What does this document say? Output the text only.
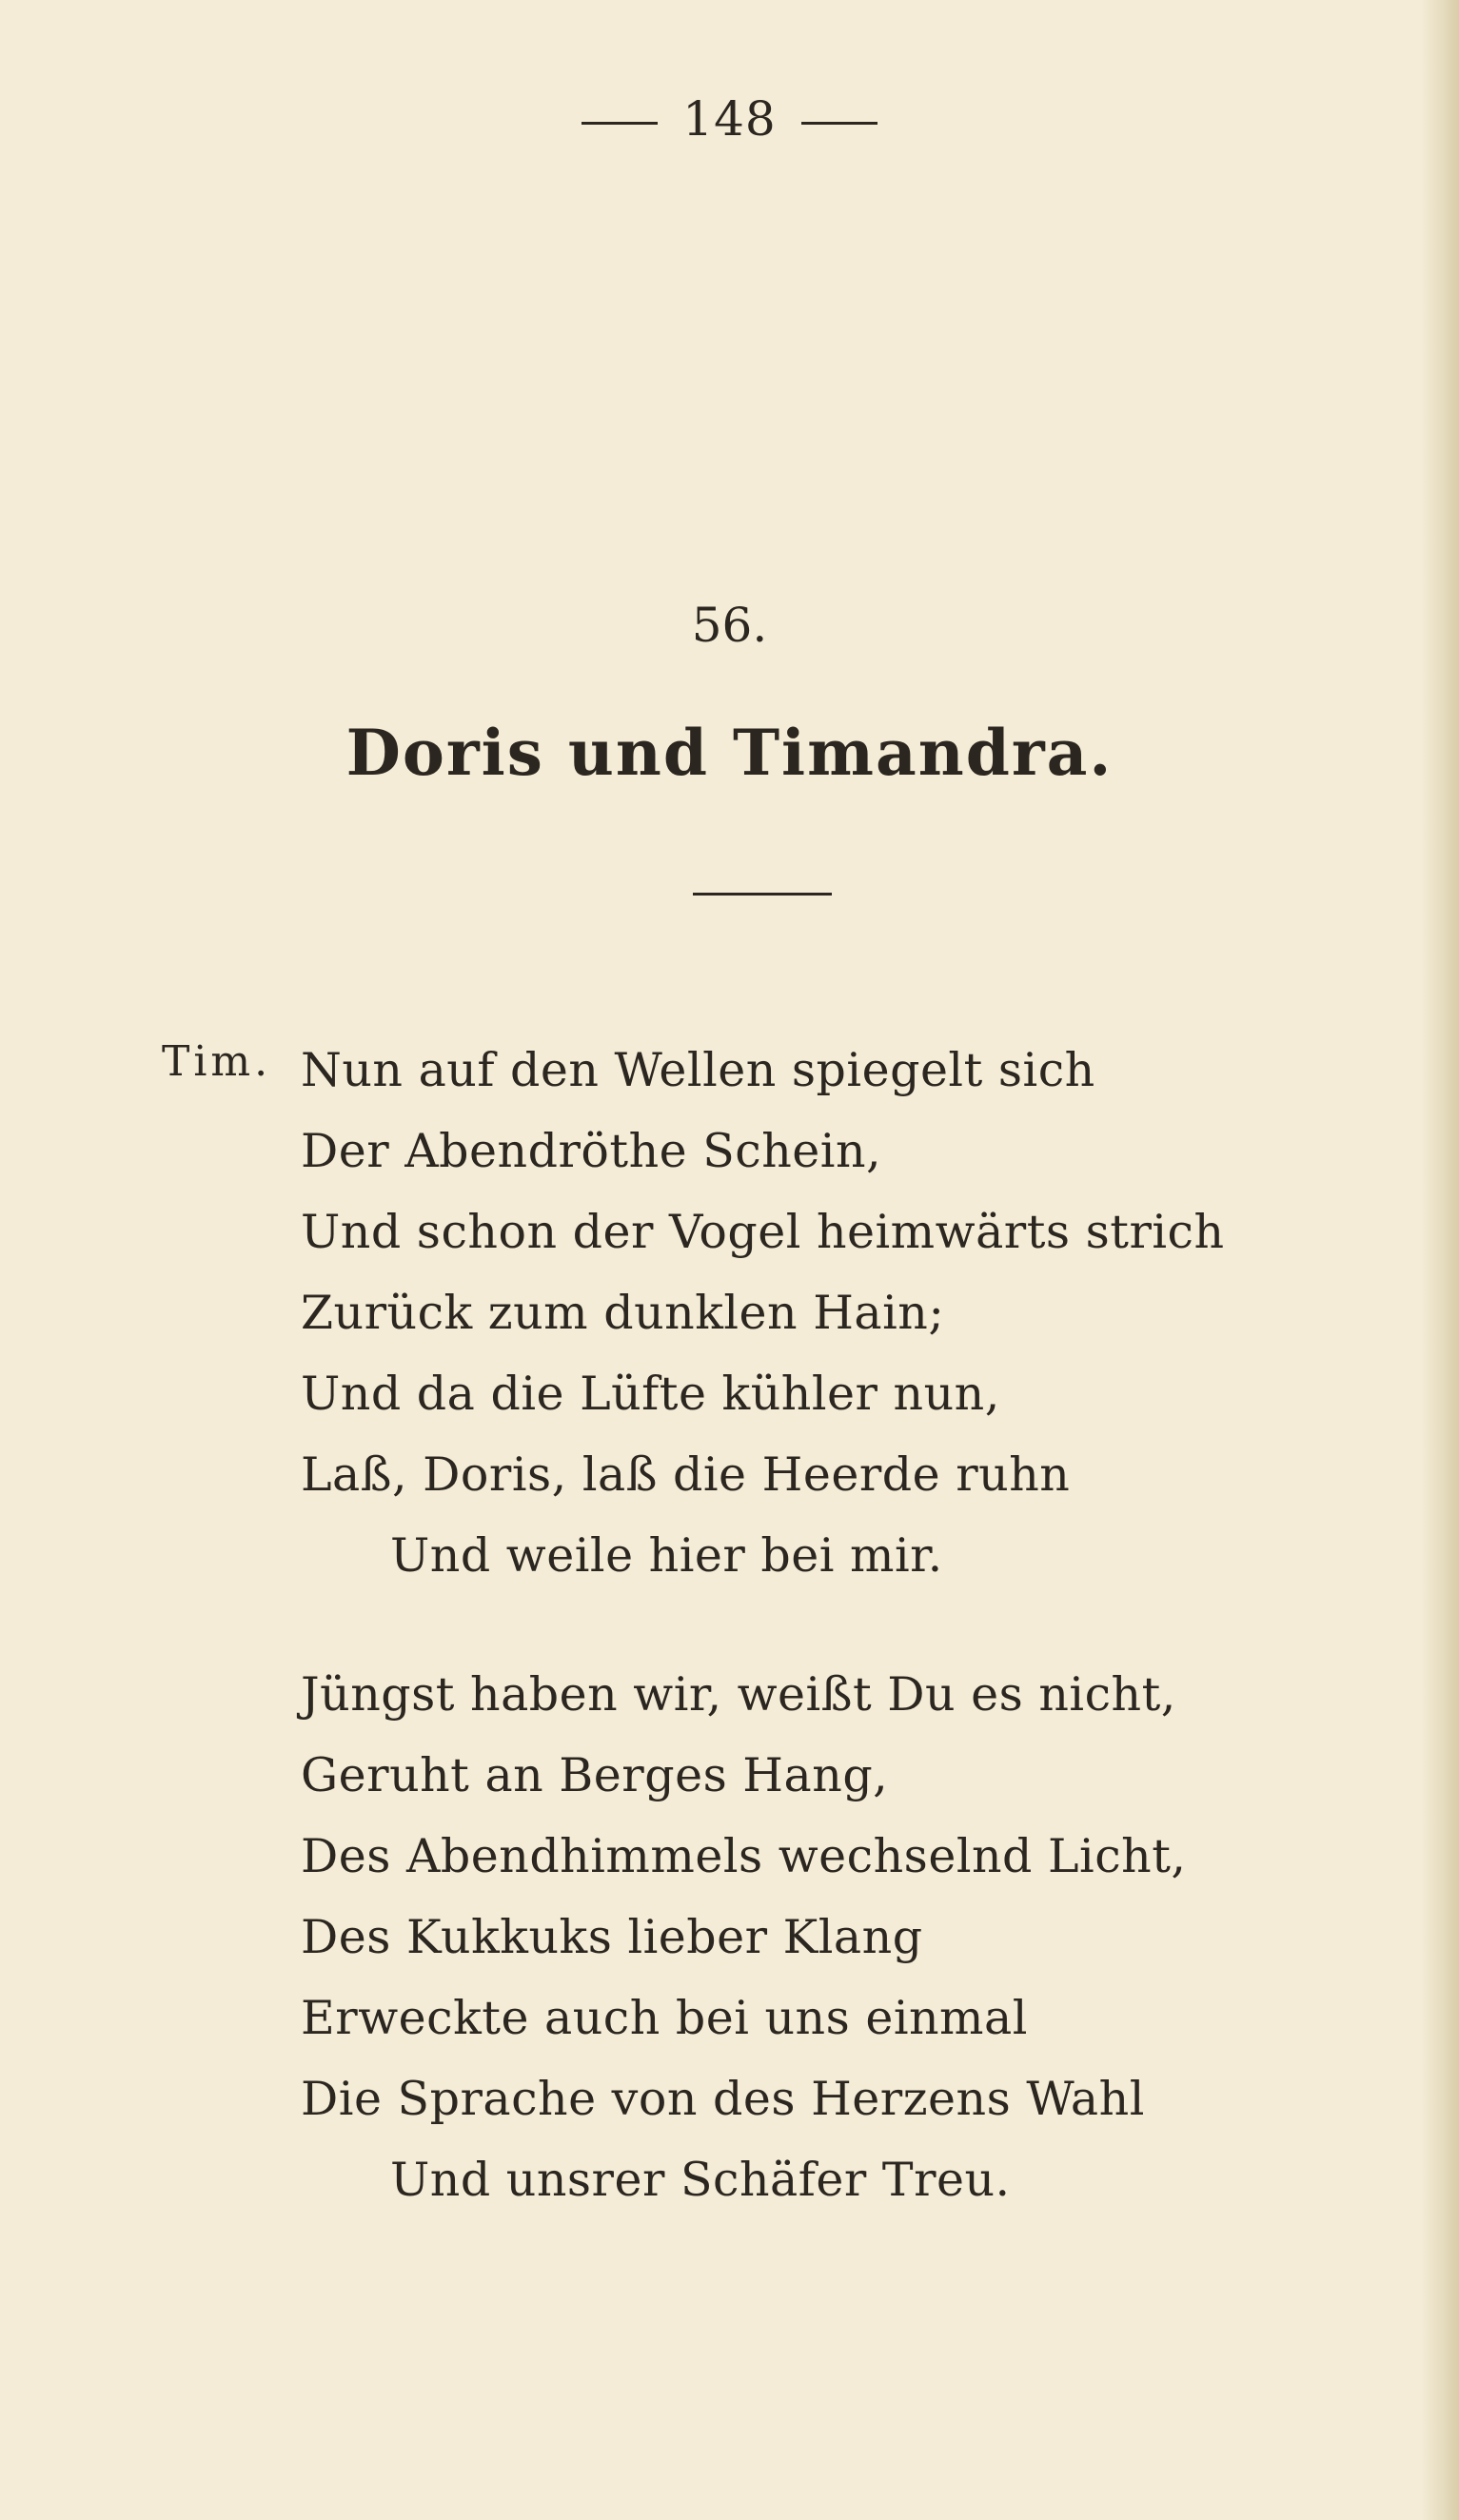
148
56.
Doris und Timandra.
Tim. Nun auf den Wellen spiegelt sich
Der Abendröthe Schein,
Und schon der Vogel heimwärts strich
Zurück zum dunklen Hain;
Und da die Lüfte kühler nun,
Laß, Doris, laß die Heerde ruhn
Und weile hier bei mir.
Jüngst haben wir, weißt Du es nicht,
Geruht an Berges Hang,
Des Abendhimmels wechselnd Licht,
Des Kukkuks lieber Klang
Erweckte auch bei uns einmal
Die Sprache von des Herzens Wahl
Und unsrer Schäfer Treu.
